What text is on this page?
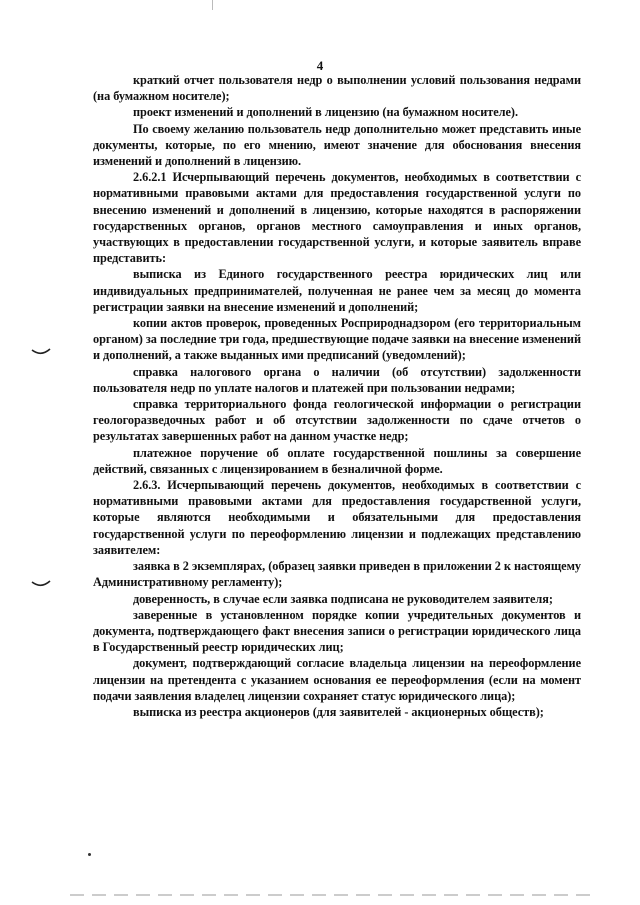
4

краткий отчет пользователя недр о выполнении условий пользования недрами (на бумажном носителе);

проект изменений и дополнений в лицензию (на бумажном носителе).

По своему желанию пользователь недр дополнительно может представить иные документы, которые, по его мнению, имеют значение для обоснования внесения изменений и дополнений в лицензию.

2.6.2.1 Исчерпывающий перечень документов, необходимых в соответствии с нормативными правовыми актами для предоставления государственной услуги по внесению изменений и дополнений в лицензию, которые находятся в распоряжении государственных органов, органов местного самоуправления и иных органов, участвующих в предоставлении государственной услуги, и которые заявитель вправе представить:

выписка из Единого государственного реестра юридических лиц или индивидуальных предпринимателей, полученная не ранее чем за месяц до момента регистрации заявки на внесение изменений и дополнений;

копии актов проверок, проведенных Росприроднадзором (его территориальным органом) за последние три года, предшествующие подаче заявки на внесение изменений и дополнений, а также выданных ими предписаний (уведомлений);

справка налогового органа о наличии (об отсутствии) задолженности пользователя недр по уплате налогов и платежей при пользовании недрами;

справка территориального фонда геологической информации о регистрации геологоразведочных работ и об отсутствии задолженности по сдаче отчетов о результатах завершенных работ на данном участке недр;

платежное поручение об оплате государственной пошлины за совершение действий, связанных с лицензированием в безналичной форме.

2.6.3. Исчерпывающий перечень документов, необходимых в соответствии с нормативными правовыми актами для предоставления государственной услуги, которые являются необходимыми и обязательными для предоставления государственной услуги по переоформлению лицензии и подлежащих представлению заявителем:

заявка в 2 экземплярах, (образец заявки приведен в приложении 2 к настоящему Административному регламенту);

доверенность, в случае если заявка подписана не руководителем заявителя;

заверенные в установленном порядке копии учредительных документов и документа, подтверждающего факт внесения записи о регистрации юридического лица в Государственный реестр юридических лиц;

документ, подтверждающий согласие владельца лицензии на переоформление лицензии на претендента с указанием основания ее переоформления (если на момент подачи заявления владелец лицензии сохраняет статус юридического лица);

выписка из реестра акционеров (для заявителей - акционерных обществ);
